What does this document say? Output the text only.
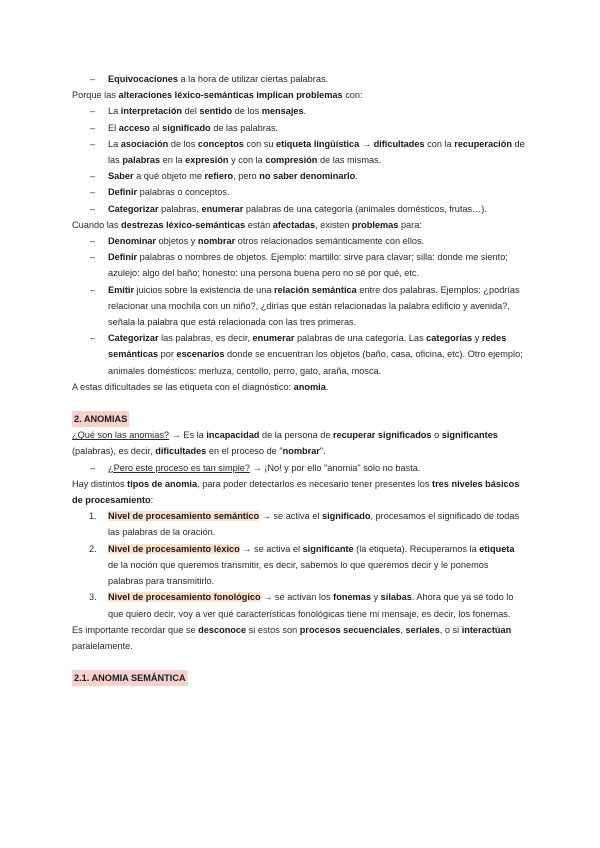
– Equivocaciones a la hora de utilizar ciertas palabras.
Porque las alteraciones léxico-semánticas implican problemas con:
– La interpretación del sentido de los mensajes.
– El acceso al significado de las palabras.
– La asociación de los conceptos con su etiqueta lingüística → dificultades con la recuperación de
las palabras en la expresión y con la compresión de las mismas.
– Saber a qué objeto me refiero, pero no saber denominarlo.
– Definir palabras o conceptos.
– Categorizar palabras, enumerar palabras de una categoría (animales domésticos, frutas…).
Cuando las destrezas léxico-semánticas están afectadas, existen problemas para:
– Denominar objetos y nombrar otros relacionados semánticamente con ellos.
– Definir palabras o nombres de objetos. Ejemplo: martillo: sirve para clavar; silla: donde me siento;
azulejo: algo del baño; honesto: una persona buena pero no sé por qué, etc.
– Emitir juicios sobre la existencia de una relación semántica entre dos palabras. Ejemplos: ¿podrías
relacionar una mochila con un niño?, ¿dirías que están relacionadas la palabra edificio y avenida?,
señala la palabra que está relacionada con las tres primeras.
– Categorizar las palabras, es decir, enumerar palabras de una categoría. Las categorías y redes
semánticas por escenarios donde se encuentran los objetos (baño, casa, oficina, etc). Otro ejemplo;
animales domésticos: merluza, centollo, perro, gato, araña, mosca.
A estas dificultades se las etiqueta con el diagnóstico: anomia.
2. ANOMIAS
¿Qué son las anomias? → Es la incapacidad de la persona de recuperar significados o significantes
(palabras), es decir, dificultades en el proceso de "nombrar".
– ¿Pero este proceso es tan simple? → ¡No! y por ello "anomia" solo no basta.
Hay distintos tipos de anomia, para poder detectarlos es necesario tener presentes los tres niveles básicos
de procesamiento:
1. Nivel de procesamiento semántico → se activa el significado, procesamos el significado de todas
las palabras de la oración.
2. Nivel de procesamiento léxico → se activa el significante (la etiqueta). Recuperamos la etiqueta
de la noción que queremos transmitir, es decir, sabemos lo que queremos decir y le ponemos
palabras para transmitirlo.
3. Nivel de procesamiento fonológico → se activan los fonemas y sílabas. Ahora que ya sé todo lo
que quiero decir, voy a ver qué características fonológicas tiene mi mensaje, es decir, los fonemas.
Es importante recordar que se desconoce si estos son procesos secuenciales, seriales, o si interactúan
paralelamente.
2.1. ANOMIA SEMÁNTICA
